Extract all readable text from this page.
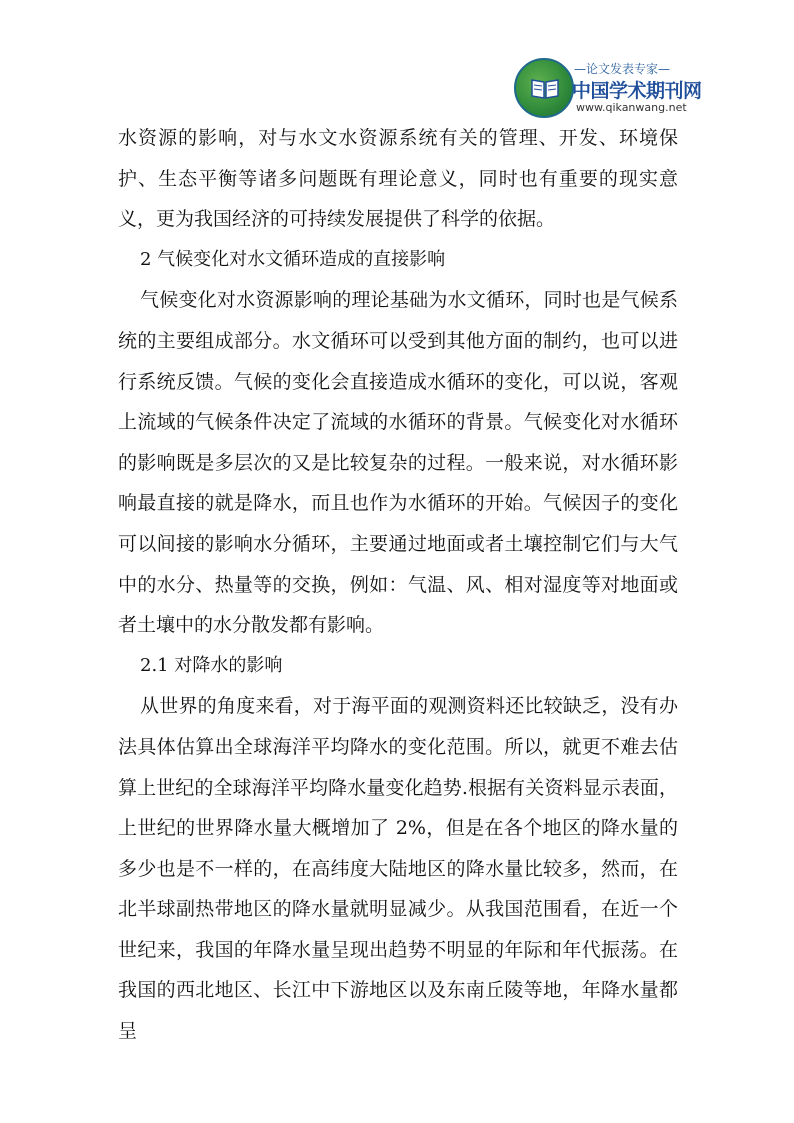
—论文发表专家—
中国学术期刊网
www.qikanwang.net

水资源的影响，对与水文水资源系统有关的管理、开发、环境保护、生态平衡等诸多问题既有理论意义，同时也有重要的现实意义，更为我国经济的可持续发展提供了科学的依据。

2 气候变化对水文循环造成的直接影响

气候变化对水资源影响的理论基础为水文循环，同时也是气候系统的主要组成部分。水文循环可以受到其他方面的制约，也可以进行系统反馈。气候的变化会直接造成水循环的变化，可以说，客观上流域的气候条件决定了流域的水循环的背景。气候变化对水循环的影响既是多层次的又是比较复杂的过程。一般来说，对水循环影响最直接的就是降水，而且也作为水循环的开始。气候因子的变化可以间接的影响水分循环，主要通过地面或者土壤控制它们与大气中的水分、热量等的交换，例如：气温、风、相对湿度等对地面或者土壤中的水分散发都有影响。

2.1 对降水的影响

从世界的角度来看，对于海平面的观测资料还比较缺乏，没有办法具体估算出全球海洋平均降水的变化范围。所以，就更不难去估算上世纪的全球海洋平均降水量变化趋势.根据有关资料显示表面，上世纪的世界降水量大概增加了 2%，但是在各个地区的降水量的多少也是不一样的，在高纬度大陆地区的降水量比较多，然而，在北半球副热带地区的降水量就明显减少。从我国范围看，在近一个世纪来，我国的年降水量呈现出趋势不明显的年际和年代振荡。在我国的西北地区、长江中下游地区以及东南丘陵等地，年降水量都呈
